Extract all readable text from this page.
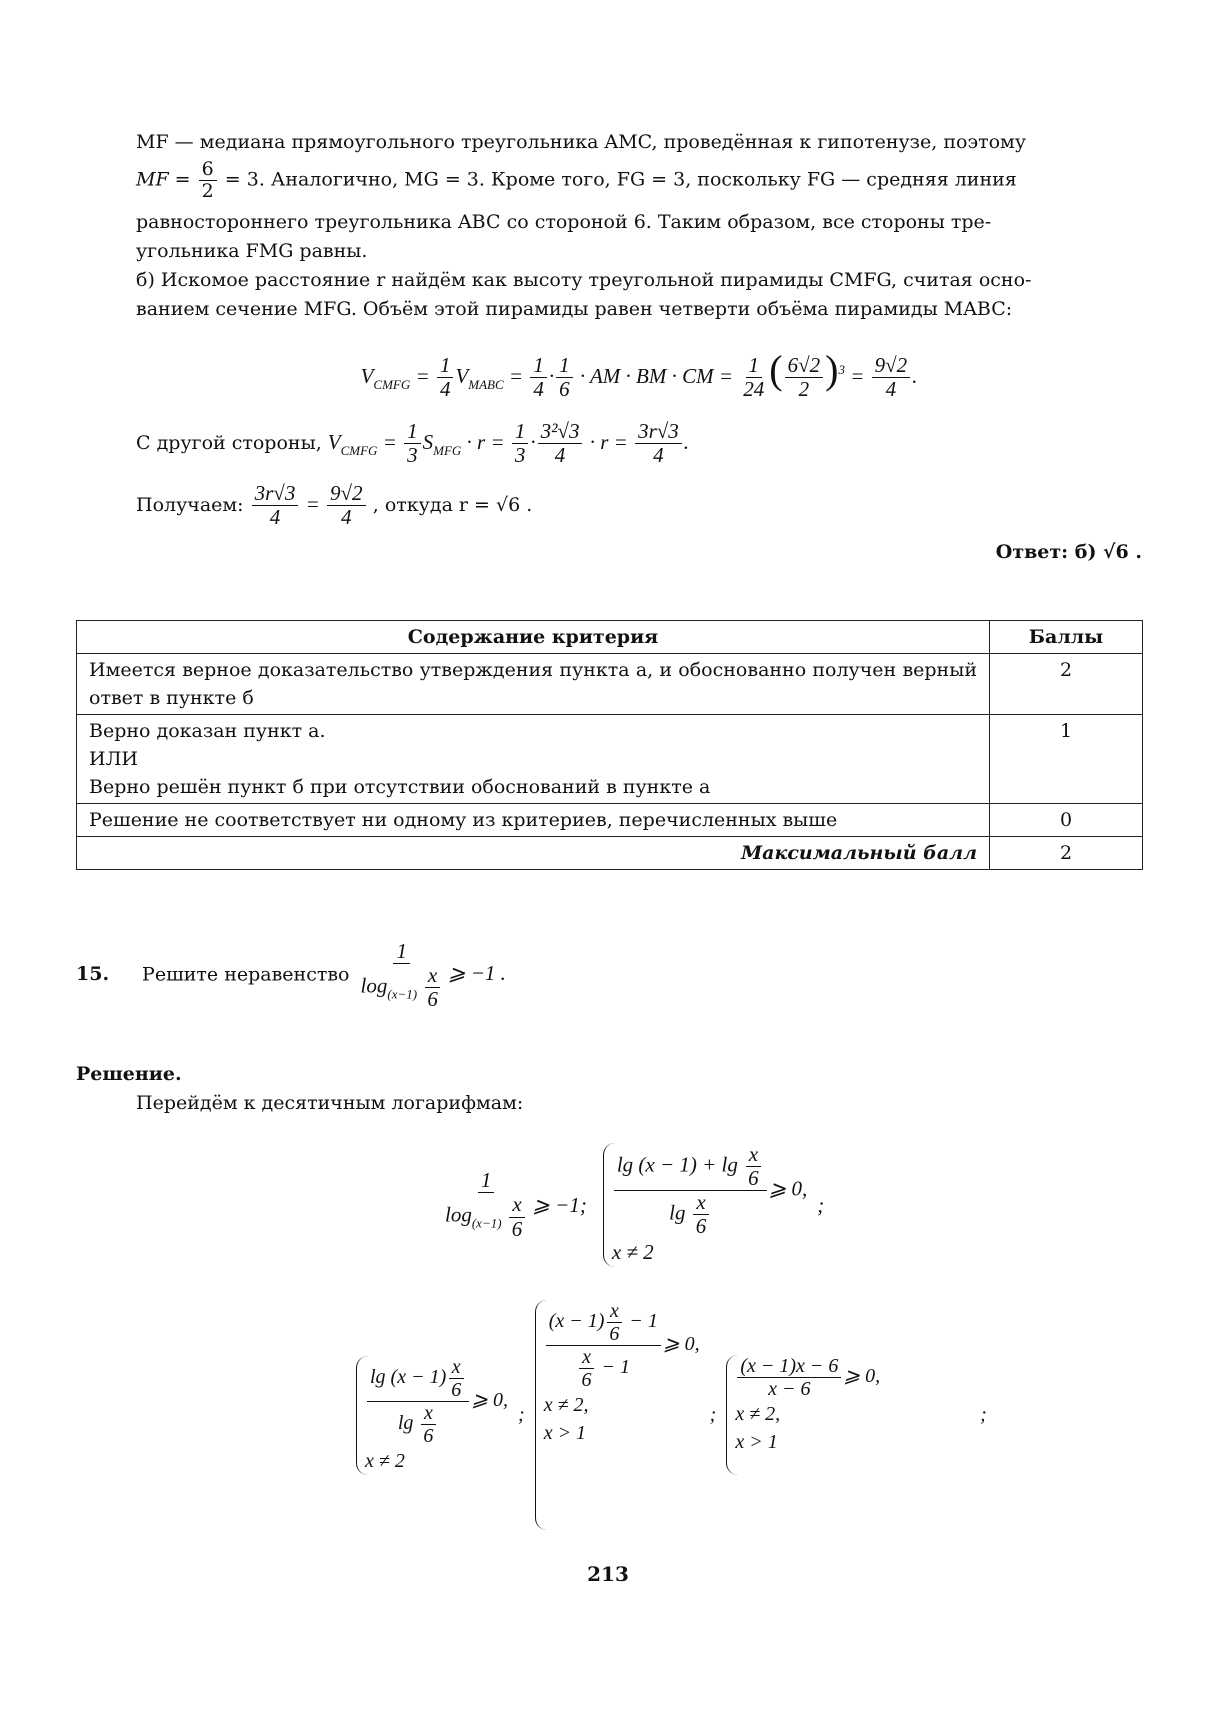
MF — медиана прямоугольного треугольника AMC, проведённая к гипотенузе, поэтому

MF = $\frac{6}{2} = 3$. Аналогично, MG = 3. Кроме того, FG = 3, поскольку FG — средняя линия

равностороннего треугольника ABC со стороной 6. Таким образом, все стороны тре-

угольника FMG равны.

б) Искомое расстояние r найдём как высоту треугольной пирамиды CMFG, считая осно-

ванием сечение MFG. Объём этой пирамиды равен четверти объёма пирамиды MABC:

$V_{CMFG} = \frac{1}{4} V_{MABC} = \frac{1}{4} \cdot \frac{1}{6}$ · AM · BM · CM = $\frac{1}{24}$ ( $\frac{6√2}{2} )^3 = \frac{9√2}{4}$ .
С другой стороны, $V_{CMFG} = \frac{1}{3} S_{MFG} \cdot r = \frac{1}{3} \cdot \frac{\text{3²√3}}{4} \cdot r = \frac{3r√3}{4}$ .
Получаем: $\frac{3r√3}{4} = \frac{9√2}{4}$ , откуда r = √6 .
Ответ: б) √6 .
Содержание критерия	Баллы
Имеется верное доказательство утверждения пункта а, и обоснованно получен верный ответ в пункте б	2

Верно доказан пункт а.
ИЛИ
Верно решён пункт б при отсутствии обоснований в пункте а	1
Решение не соответствует ни одному из критериев, перечисленных выше	0
Максимальный балл	2
15. Решите неравенство $\frac{1}{\log_{(x-1)} \frac{x}{6}}$ ⩾ −1 .
Решение.
Перейдём к десятичным логарифмам:
$\frac{1}{\log_{(x-1)} \frac{x}{6}}$ ⩾ −1; $\frac{\lg (x - 1) + \lg \frac{x}{6}}{\lg \frac{x}{6}}$ ⩾ 0,
x ≠ 2
;
$\frac{\lg (x - 1) \frac{x}{6}}{\lg \frac{x}{6}}$ ⩾ 0,
x ≠ 2
;
$\frac{(x - 1) \frac{x}{6} - 1}{\frac{x}{6} - 1}$ ⩾ 0,
x ≠ 2,
x > 1
;
$\frac{(x - 1)x - 6}{x - 6}$ ⩾ 0,
x ≠ 2,
x > 1
;
213
